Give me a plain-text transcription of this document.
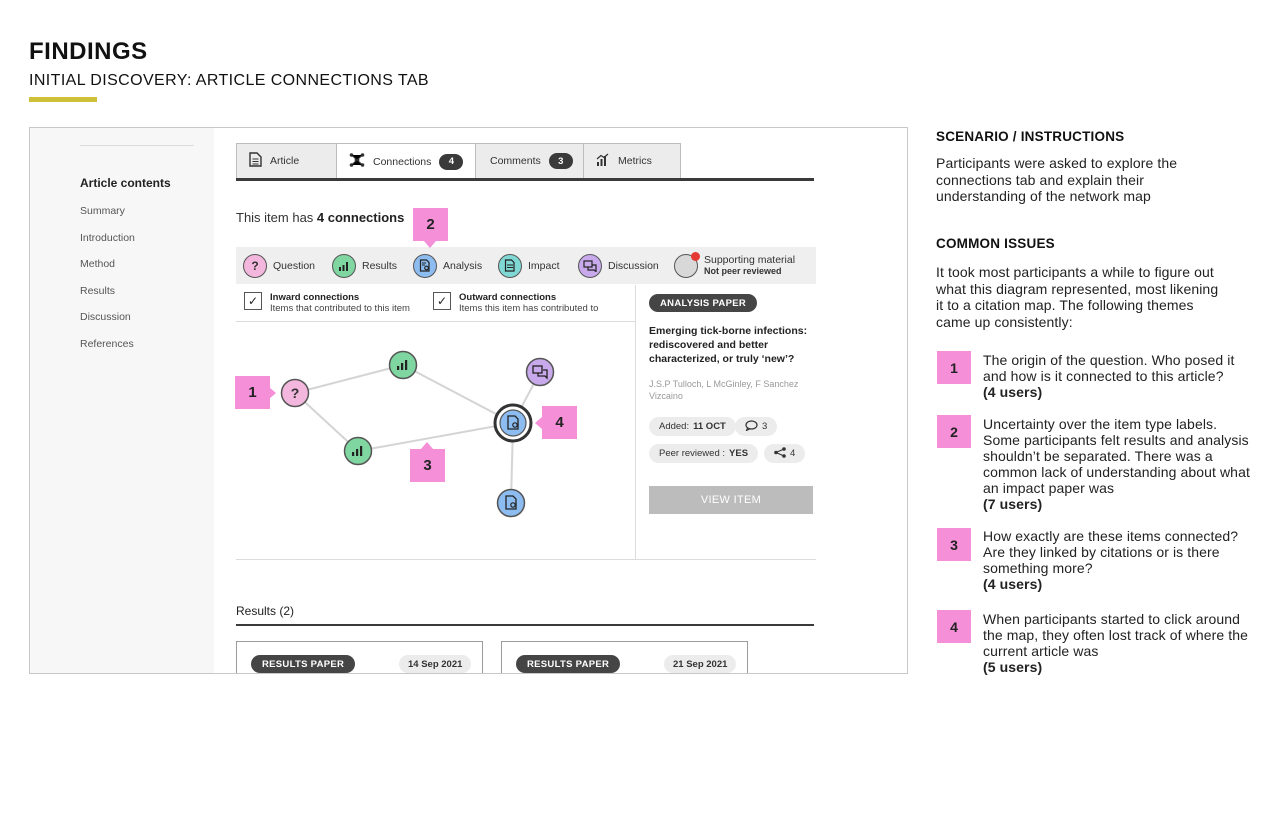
FINDINGS
INITIAL DISCOVERY: ARTICLE CONNECTIONS TAB
Article contents
Summary
Introduction
Method
Results
Discussion
References
Article	Connections	4	Comments	3	Metrics
This item has 4 connections
?	Question	Results	Analysis	Impact	Discussion	Supporting material
Not peer reviewed
✓	Inward connections
Items that contributed to this item
✓	Outward connections
Items this item has contributed to
?
1
2
3
4
ANALYSIS PAPER
Emerging tick-borne infections: rediscovered and better characterized, or truly ‘new’?
J.S.P Tulloch, L McGinley, F Sanchez Vizcaino
Added: 11 OCT	3
Peer reviewed : YES	4
VIEW ITEM
Results (2)
RESULTS PAPER	14 Sep 2021	RESULTS PAPER	21 Sep 2021
SCENARIO / INSTRUCTIONS
Participants were asked to explore the connections tab and explain their understanding of the network map
COMMON ISSUES
It took most participants a while to figure out what this diagram represented, most likening it to a citation map. The following themes came up consistently:
1	The origin of the question. Who posed it and how is it connected to this article?
(4 users)
2	Uncertainty over the item type labels. Some participants felt results and analysis shouldn’t be separated. There was a common lack of understanding about what an impact paper was
(7 users)
3
How exactly are these items connected? Are they linked by citations or is there something more?
(4 users)
4	When participants started to click around the map, they often lost track of where the current article was
(5 users)
